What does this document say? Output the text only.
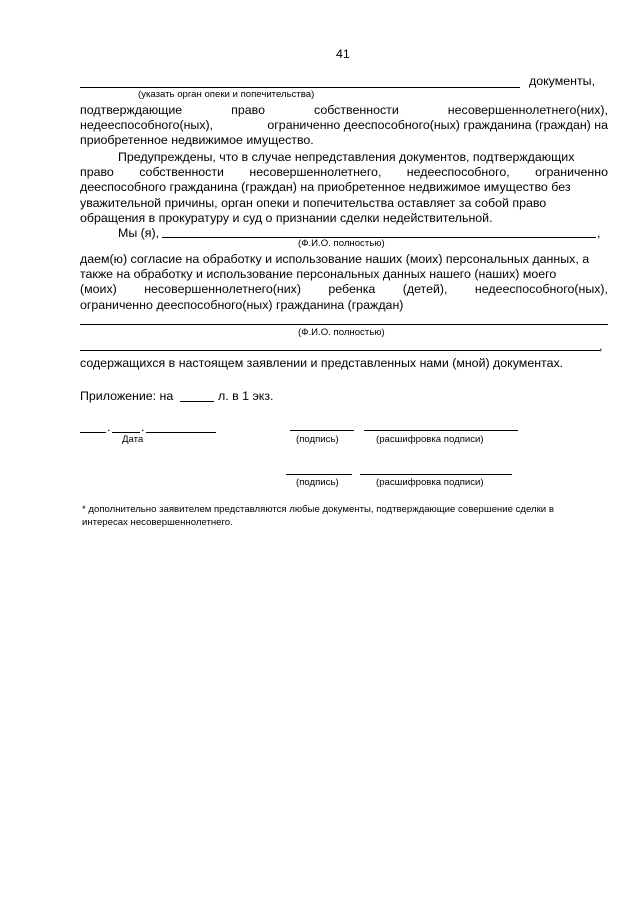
41
документы,
(указать орган опеки и попечительства)
подтверждающие	право	собственности	несовершеннолетнего(них),
недееспособного(ных),	ограниченно дееспособного(ных) гражданина (граждан) на
приобретенное недвижимое имущество.
Предупреждены, что в случае непредставления документов, подтверждающих
право собственности несовершеннолетнего, недееспособного, ограниченно
дееспособного гражданина (граждан) на приобретенное недвижимое имущество без
уважительной причины, орган опеки и попечительства оставляет за собой право
обращения в прокуратуру и суд о признании сделки недействительной.
Мы (я),	,
(Ф.И.О. полностью)
даем(ю) согласие на обработку и использование наших (моих) персональных данных, а
также на обработку и использование персональных данных нашего (наших) моего
(моих) несовершеннолетнего(них) ребенка (детей), недееспособного(ных),
ограниченно дееспособного(ных) гражданина (граждан)
(Ф.И.О. полностью)
,
содержащихся в настоящем заявлении и представленных нами (мной) документах.
Приложение: на	л. в 1 экз.
. .
Дата	(подпись)	(расшифровка подписи)
(подпись)	(расшифровка подписи)
* дополнительно заявителем представляются любые документы, подтверждающие совершение сделки в
интересах несовершеннолетнего.
